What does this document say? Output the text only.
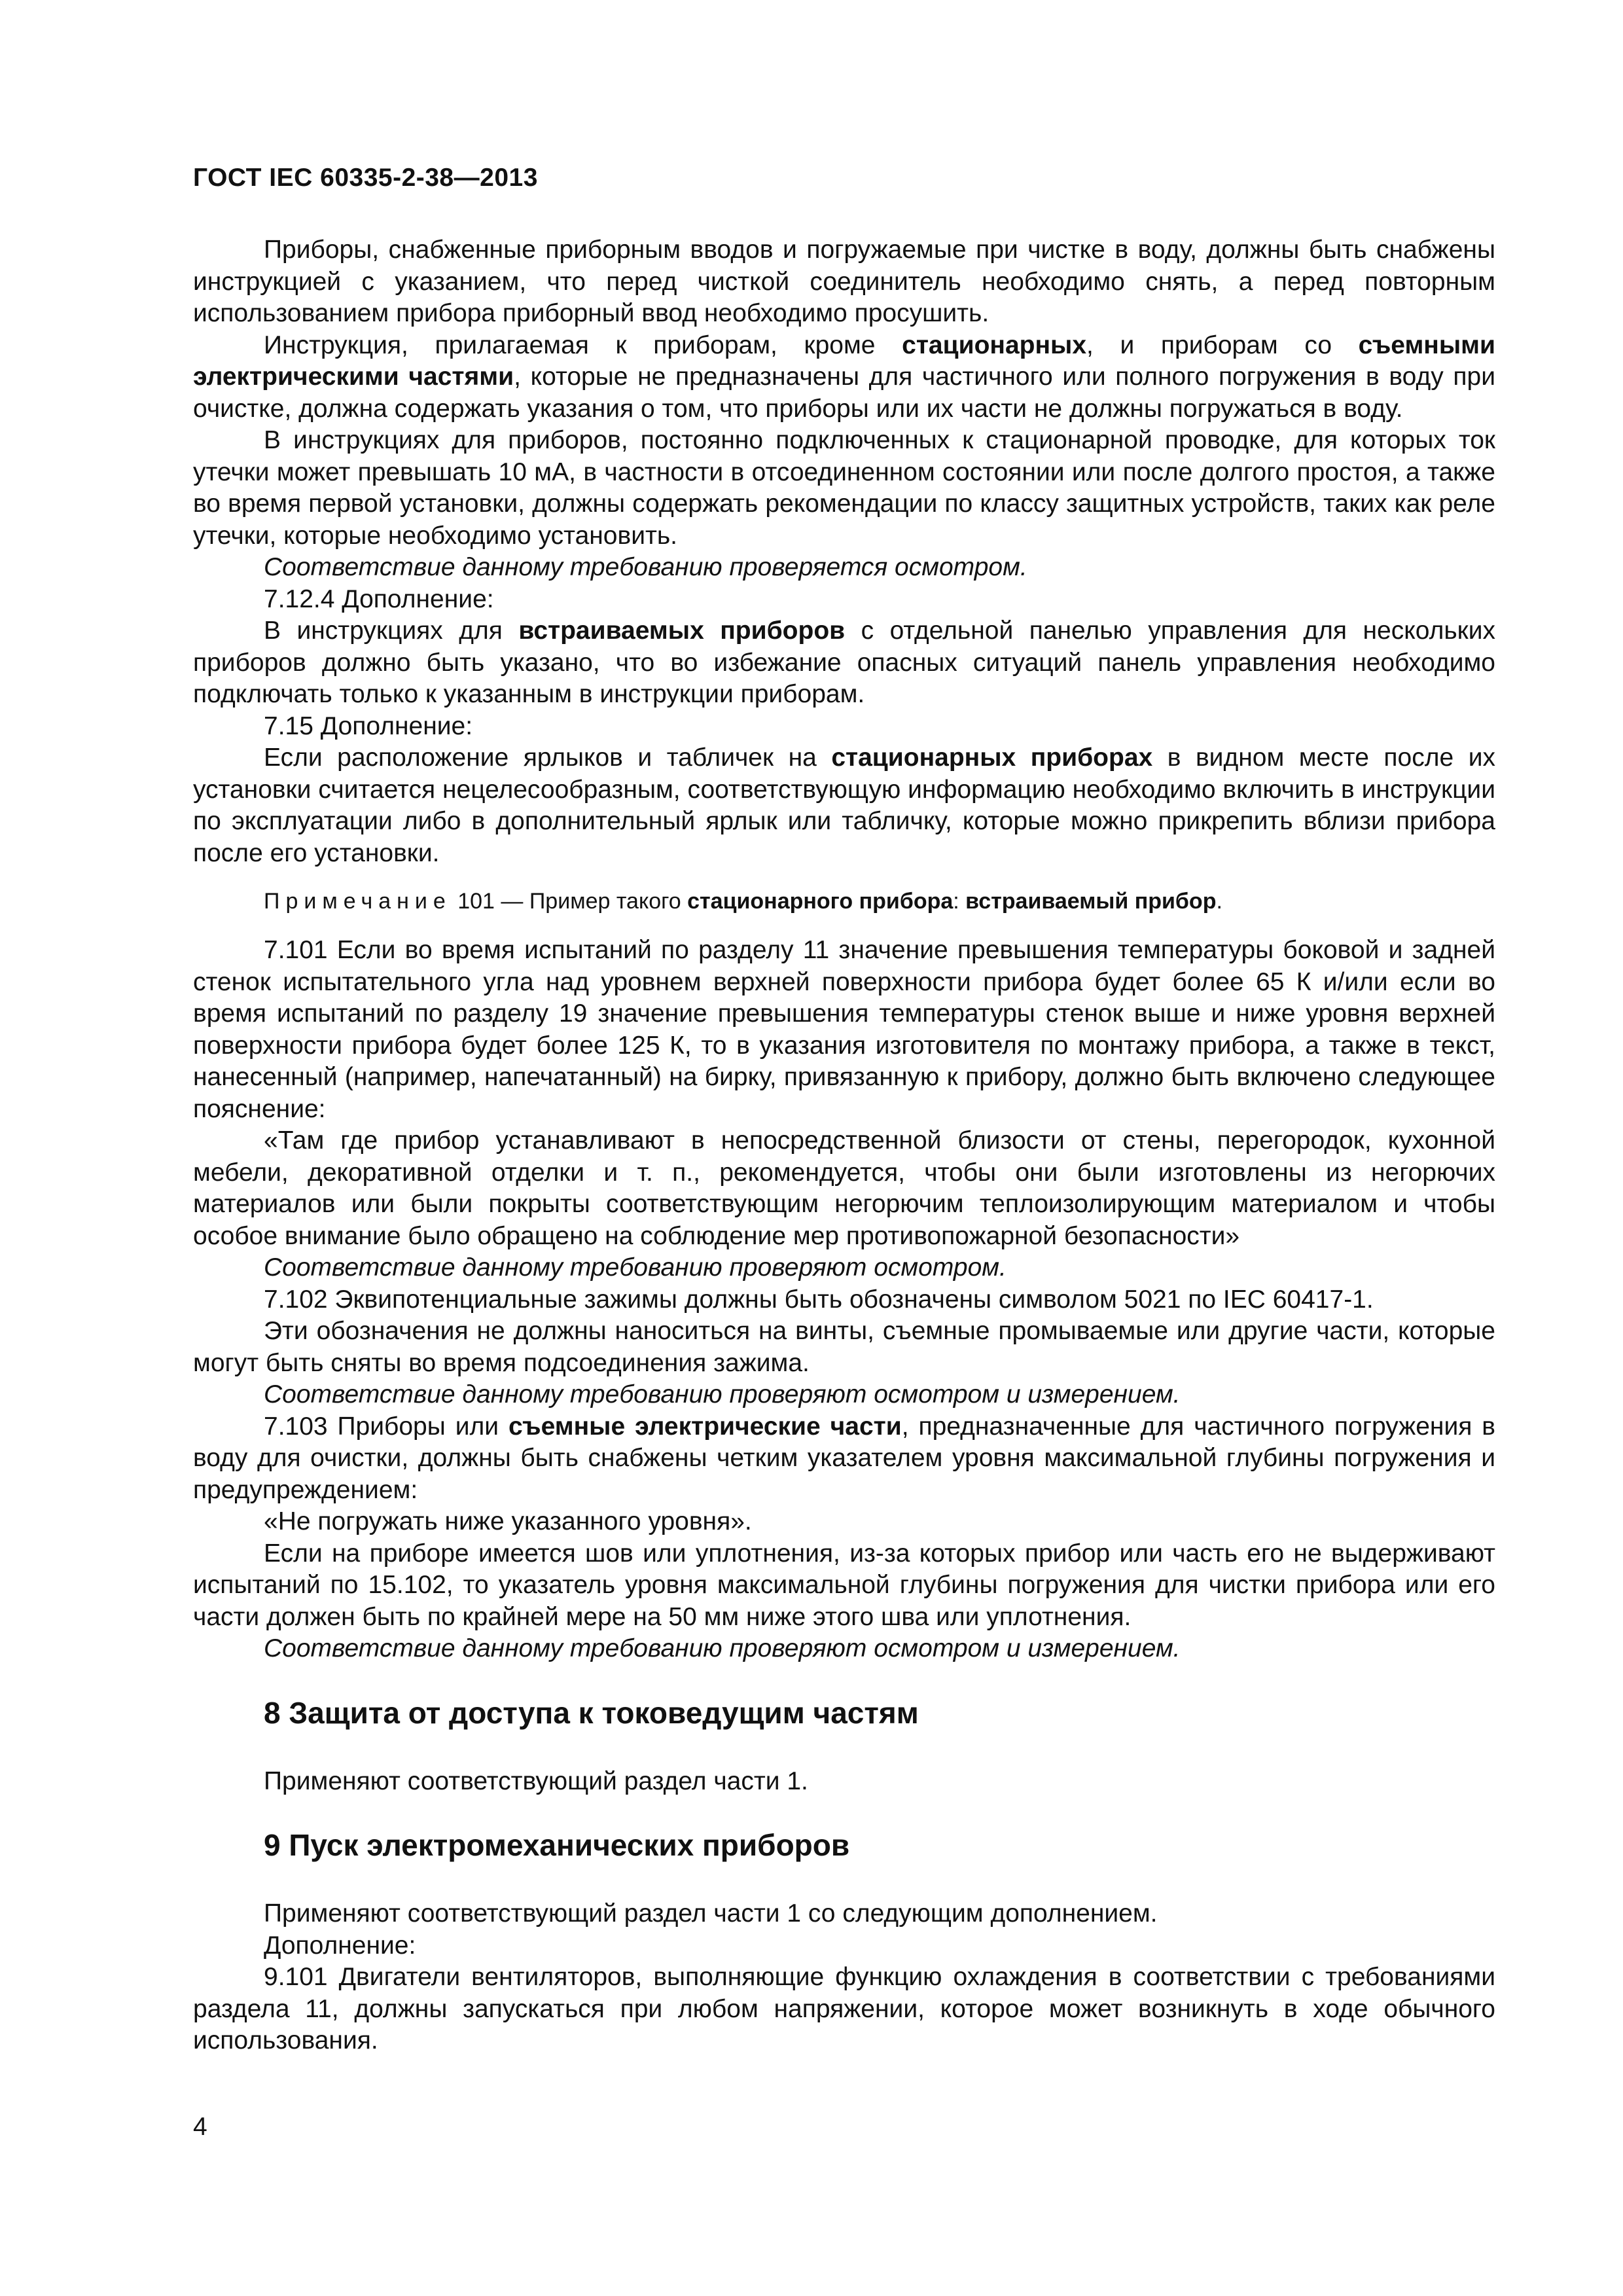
ГОСТ IEC 60335-2-38—2013

Приборы, снабженные приборным вводов и погружаемые при чистке в воду, должны быть снабжены инструкцией с указанием, что перед чисткой соединитель необходимо снять, а перед повторным использованием прибора приборный ввод необходимо просушить.

Инструкция, прилагаемая к приборам, кроме стационарных, и приборам со съемными электрическими частями, которые не предназначены для частичного или полного погружения в воду при очистке, должна содержать указания о том, что приборы или их части не должны погружаться в воду.

В инструкциях для приборов, постоянно подключенных к стационарной проводке, для которых ток утечки может превышать 10 мА, в частности в отсоединенном состоянии или после долгого простоя, а также во время первой установки, должны содержать рекомендации по классу защитных устройств, таких как реле утечки, которые необходимо установить.

Соответствие данному требованию проверяется осмотром.

7.12.4 Дополнение:

В инструкциях для встраиваемых приборов с отдельной панелью управления для нескольких приборов должно быть указано, что во избежание опасных ситуаций панель управления необходимо подключать только к указанным в инструкции приборам.

7.15 Дополнение:

Если расположение ярлыков и табличек на стационарных приборах в видном месте после их установки считается нецелесообразным, соответствующую информацию необходимо включить в инструкции по эксплуатации либо в дополнительный ярлык или табличку, которые можно прикрепить вблизи прибора после его установки.

Примечание 101 — Пример такого стационарного прибора: встраиваемый прибор.

7.101 Если во время испытаний по разделу 11 значение превышения температуры боковой и задней стенок испытательного угла над уровнем верхней поверхности прибора будет более 65 К и/или если во время испытаний по разделу 19 значение превышения температуры стенок выше и ниже уровня верхней поверхности прибора будет более 125 К, то в указания изготовителя по монтажу прибора, а также в текст, нанесенный (например, напечатанный) на бирку, привязанную к прибору, должно быть включено следующее пояснение:

«Там где прибор устанавливают в непосредственной близости от стены, перегородок, кухонной мебели, декоративной отделки и т. п., рекомендуется, чтобы они были изготовлены из негорючих материалов или были покрыты соответствующим негорючим теплоизолирующим материалом и чтобы особое внимание было обращено на соблюдение мер противопожарной безопасности»

Соответствие данному требованию проверяют осмотром.

7.102 Эквипотенциальные зажимы должны быть обозначены символом 5021 по IEC 60417-1.

Эти обозначения не должны наноситься на винты, съемные промываемые или другие части, которые могут быть сняты во время подсоединения зажима.

Соответствие данному требованию проверяют осмотром и измерением.

7.103 Приборы или съемные электрические части, предназначенные для частичного погружения в воду для очистки, должны быть снабжены четким указателем уровня максимальной глубины погружения и предупреждением:

«Не погружать ниже указанного уровня».

Если на приборе имеется шов или уплотнения, из-за которых прибор или часть его не выдерживают испытаний по 15.102, то указатель уровня максимальной глубины погружения для чистки прибора или его части должен быть по крайней мере на 50 мм ниже этого шва или уплотнения.

Соответствие данному требованию проверяют осмотром и измерением.

8 Защита от доступа к токоведущим частям

Применяют соответствующий раздел части 1.

9 Пуск электромеханических приборов

Применяют соответствующий раздел части 1 со следующим дополнением.

Дополнение:

9.101 Двигатели вентиляторов, выполняющие функцию охлаждения в соответствии с требованиями раздела 11, должны запускаться при любом напряжении, которое может возникнуть в ходе обычного использования.

4
